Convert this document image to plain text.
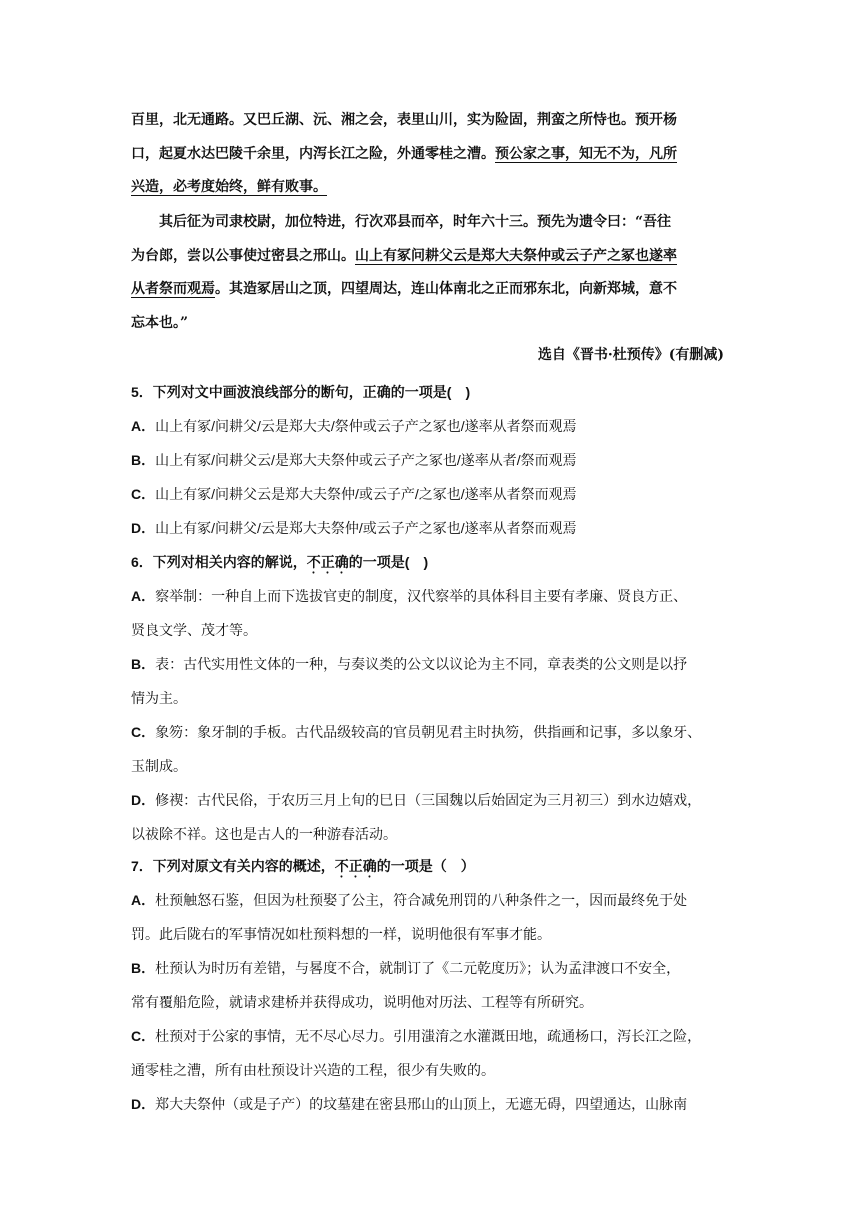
百里，北无通路。又巴丘湖、沅、湘之会，表里山川，实为险固，荆蛮之所恃也。预开杨
口，起夏水达巴陵千余里，内泻长江之险，外通零桂之漕。预公家之事，知无不为，凡所
兴造，必考度始终，鲜有败事。
其后征为司隶校尉，加位特进，行次邓县而卒，时年六十三。预先为遗令曰：“吾往
为台郎，尝以公事使过密县之邢山。山上有冢问耕父云是郑大夫祭仲或云子产之冢也遂率
从者祭而观焉。其造冢居山之顶，四望周达，连山体南北之正而邪东北，向新郑城，意不
忘本也。”
选自《晋书·杜预传》(有删减)
5．下列对文中画波浪线部分的断句，正确的一项是(　)
A．山上有冢/问耕父/云是郑大夫/祭仲或云子产之冢也/遂率从者祭而观焉
B．山上有冢/问耕父云/是郑大夫祭仲或云子产之冢也/遂率从者/祭而观焉
C．山上有冢/问耕父云是郑大夫祭仲/或云子产/之冢也/遂率从者祭而观焉
D．山上有冢/问耕父/云是郑大夫祭仲/或云子产之冢也/遂率从者祭而观焉
6．下列对相关内容的解说，不正确的一项是(　)
A．察举制：一种自上而下选拔官吏的制度，汉代察举的具体科目主要有孝廉、贤良方正、
贤良文学、茂才等。
B．表：古代实用性文体的一种，与奏议类的公文以议论为主不同，章表类的公文则是以抒
情为主。
C．象笏：象牙制的手板。古代品级较高的官员朝见君主时执笏，供指画和记事，多以象牙、
玉制成。
D．修禊：古代民俗，于农历三月上旬的巳日（三国魏以后始固定为三月初三）到水边嬉戏，
以祓除不祥。这也是古人的一种游春活动。
7．下列对原文有关内容的概述，不正确的一项是（　）
A．杜预触怒石鉴，但因为杜预娶了公主，符合减免刑罚的八种条件之一，因而最终免于处
罚。此后陇右的军事情况如杜预料想的一样，说明他很有军事才能。
B．杜预认为时历有差错，与晷度不合，就制订了《二元乾度历》；认为孟津渡口不安全，
常有覆船危险，就请求建桥并获得成功，说明他对历法、工程等有所研究。
C．杜预对于公家的事情，无不尽心尽力。引用滍淯之水灌溉田地，疏通杨口，泻长江之险，
通零桂之漕，所有由杜预设计兴造的工程，很少有失败的。
D．郑大夫祭仲（或是子产）的坟墓建在密县邢山的山顶上，无遮无碍，四望通达，山脉南
